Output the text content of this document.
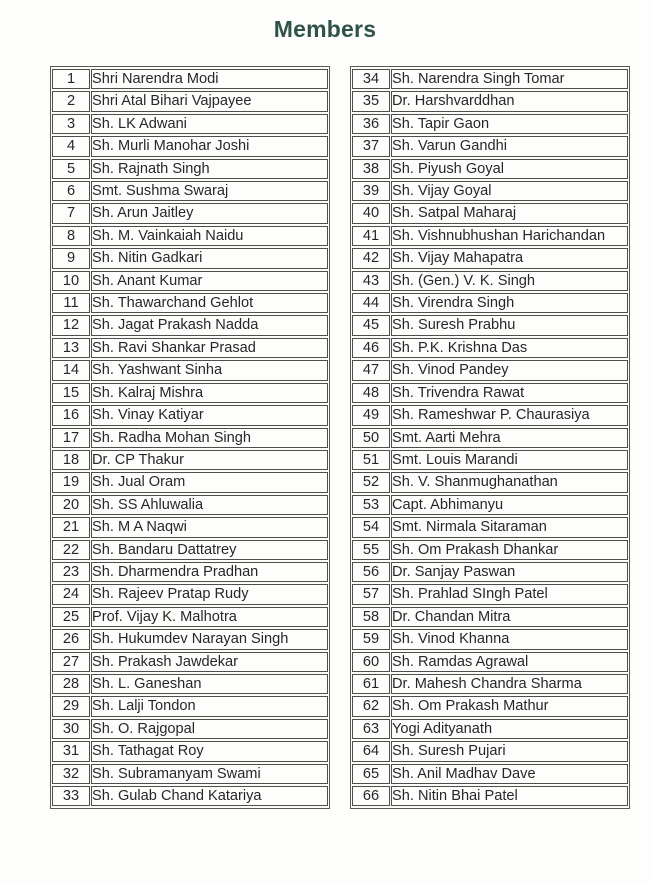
Members
1	Shri Narendra Modi
2	Shri Atal Bihari Vajpayee
3	Sh. LK Adwani
4	Sh. Murli Manohar Joshi
5	Sh. Rajnath Singh
6	Smt. Sushma Swaraj
7	Sh. Arun Jaitley
8	Sh. M. Vainkaiah Naidu
9	Sh. Nitin Gadkari
10	Sh. Anant Kumar
11	Sh. Thawarchand Gehlot
12	Sh. Jagat Prakash Nadda
13	Sh. Ravi Shankar Prasad
14	Sh. Yashwant Sinha
15	Sh. Kalraj Mishra
16	Sh. Vinay Katiyar
17	Sh. Radha Mohan Singh
18	Dr. CP Thakur
19	Sh. Jual Oram
20	Sh. SS Ahluwalia
21	Sh. M A Naqwi
22	Sh. Bandaru Dattatrey
23	Sh. Dharmendra Pradhan
24	Sh. Rajeev Pratap Rudy
25	Prof. Vijay K. Malhotra
26	Sh. Hukumdev Narayan Singh
27	Sh. Prakash Jawdekar
28	Sh. L. Ganeshan
29	Sh. Lalji Tondon
30	Sh. O. Rajgopal
31	Sh. Tathagat Roy
32	Sh. Subramanyam Swami
33	Sh. Gulab Chand Katariya
34	Sh. Narendra Singh Tomar
35	Dr. Harshvarddhan
36	Sh. Tapir Gaon
37	Sh. Varun Gandhi
38	Sh. Piyush Goyal
39	Sh. Vijay Goyal
40	Sh. Satpal Maharaj
41	Sh. Vishnubhushan Harichandan
42	Sh. Vijay Mahapatra
43	Sh. (Gen.) V. K. Singh
44	Sh. Virendra Singh
45	Sh. Suresh Prabhu
46	Sh. P.K. Krishna Das
47	Sh. Vinod Pandey
48	Sh. Trivendra Rawat
49	Sh. Rameshwar P. Chaurasiya
50	Smt. Aarti Mehra
51	Smt. Louis Marandi
52	Sh. V. Shanmughanathan
53	Capt. Abhimanyu
54	Smt. Nirmala Sitaraman
55	Sh. Om Prakash Dhankar
56	Dr. Sanjay Paswan
57	Sh. Prahlad SIngh Patel
58	Dr. Chandan Mitra
59	Sh. Vinod Khanna
60	Sh. Ramdas Agrawal
61	Dr. Mahesh Chandra Sharma
62	Sh. Om Prakash Mathur
63	Yogi Adityanath
64	Sh. Suresh Pujari
65	Sh. Anil Madhav Dave
66	Sh. Nitin Bhai Patel
